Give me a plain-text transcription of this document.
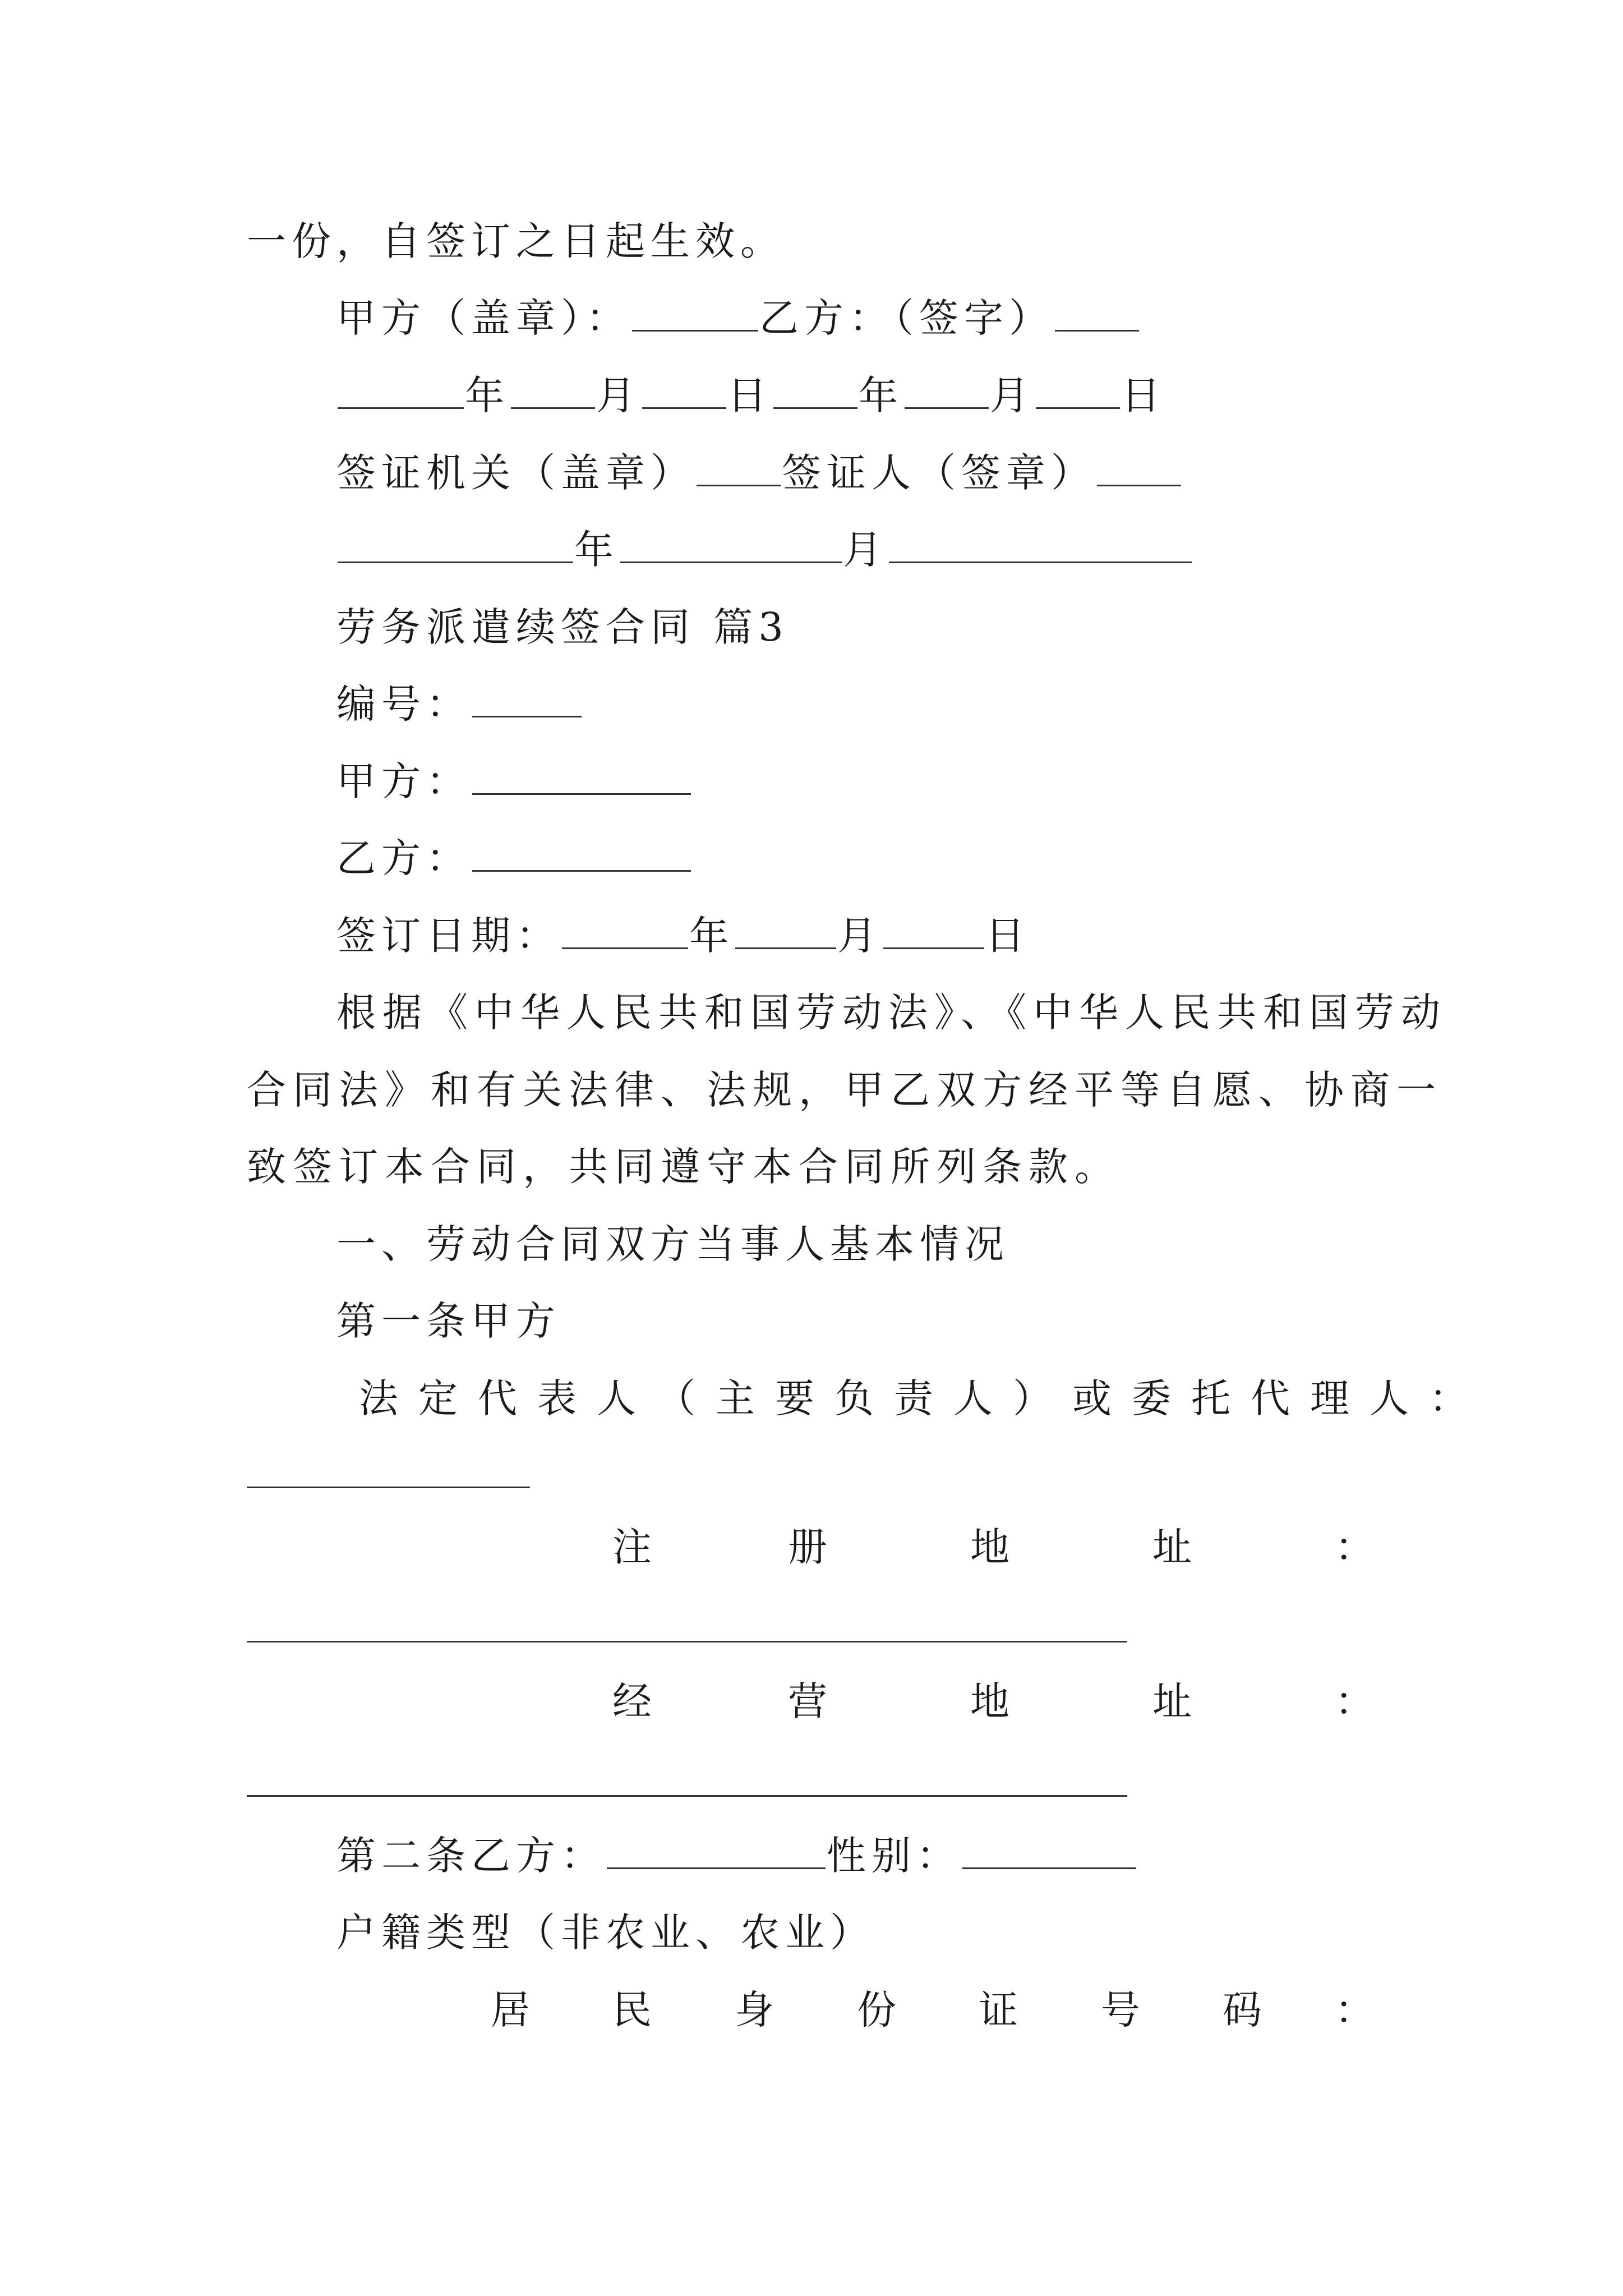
一份，自签订之日起生效。
甲方（盖章）：	乙方：（签字）
年 月 日 年 月 日
签证机关（盖章） 签证人（签章）
年	月
劳务派遣续签合同 篇3
编号：
甲方：
乙方：
签订日期：	年	月	日
根据《中华人民共和国劳动法》、《中华人民共和国劳动
合同法》和有关法律、法规，甲乙双方经平等自愿、协商一
致签订本合同，共同遵守本合同所列条款。
一、劳动合同双方当事人基本情况
第一条甲方
法定代表人（主要负责人）或委托代理人：
注	册	地	址	：
经	营	地	址	：
第二条乙方：	性别：
户籍类型（非农业、农业）
居 民 身 份 证 号 码 ：
